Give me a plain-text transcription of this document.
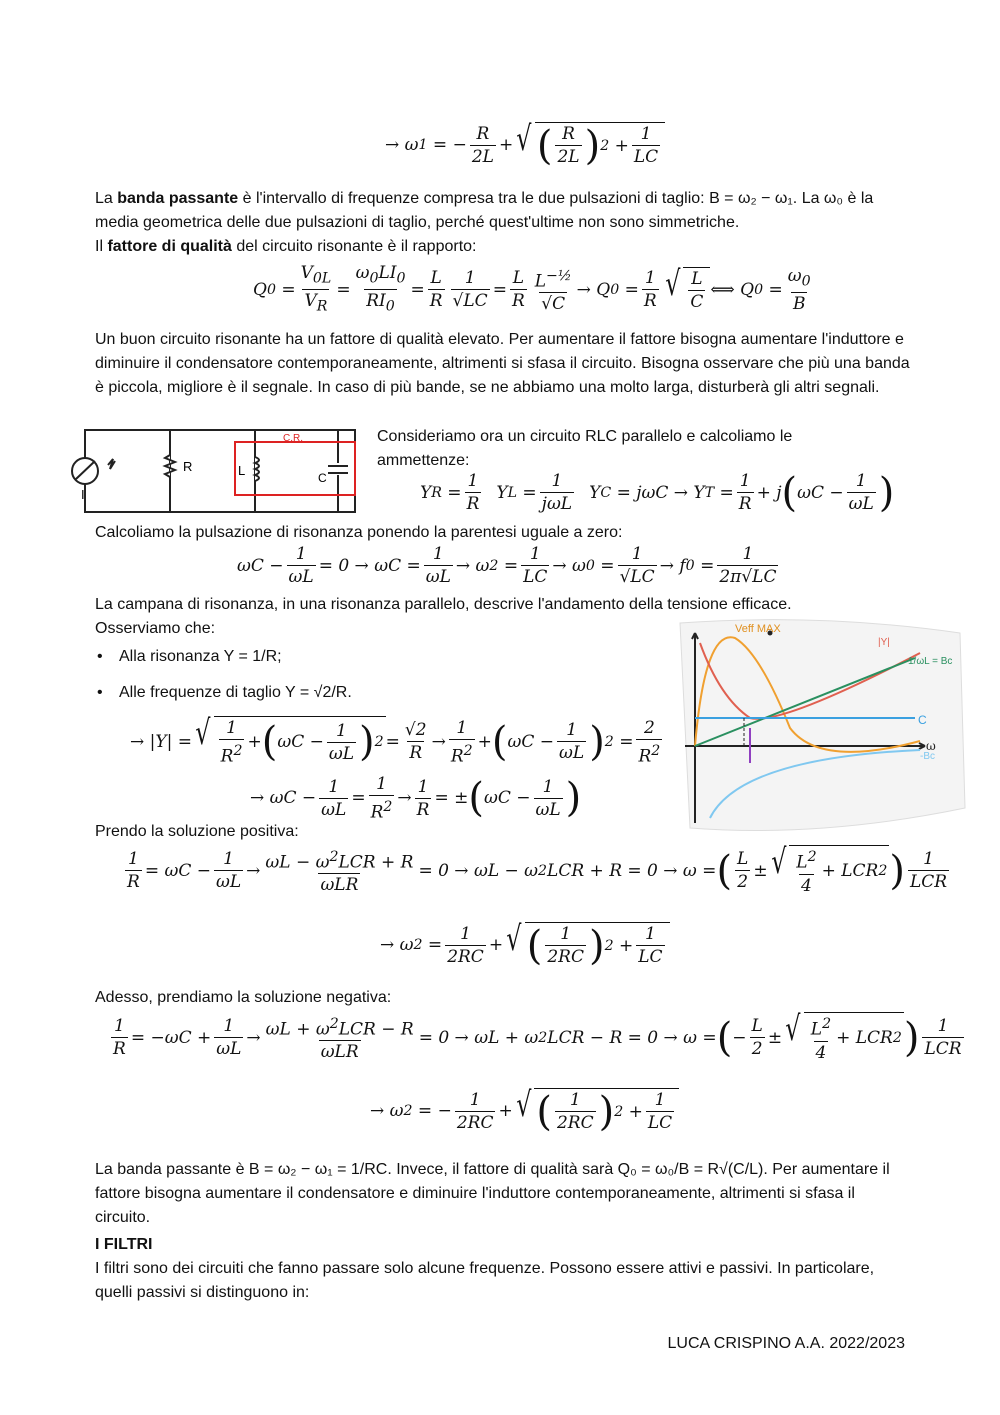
→ ω 1 = − $\frac{R}{2L}$ + √ ( $\frac{R}{2L}$ ) $2 + \frac{1}{LC}$
La banda passante è l'intervallo di frequenze compresa tra le due pulsazioni di taglio: B = ω₂ − ω₁. La ω₀ è la media geometrica delle due pulsazioni di taglio, perché quest'ultime non sono simmetriche.
Il fattore di qualità del circuito risonante è il rapporto:
Q $0 = \frac{V_{0L}}{V_R} = \frac{\omega_0LI_0}{RI_0} = \frac{L}{R} \frac{1}{√LC} = \frac{L}{R} \frac{L^{-\frac{1}{2}}}{√C} \to Q$ $0 = \frac{1}{R}$ √ $\frac{L}{C}$ ⟺ Q $0 = \frac{\omega_0}{B}$
Un buon circuito risonante ha un fattore di qualità elevato. Per aumentare il fattore bisogna aumentare l'induttore e diminuire il condensatore contemporaneamente, altrimenti si sfasa il circuito. Bisogna osservare che più una banda è piccola, migliore è il segnale. In caso di più bande, se ne abbiamo una molto larga, disturberà gli altri segnali.
C.R.
R	L	C
I
Consideriamo ora un circuito RLC parallelo e calcoliamo le ammettenze:
Y $R = \frac{1}{R}$ Y $L = \frac{1}{\text{jωL}}$ Y C = jωC → Y $T = \frac{1}{R} + j$ ( $\omega C - \frac{1}{\omega L}$ )
Calcoliamo la pulsazione di risonanza ponendo la parentesi uguale a zero:
$\omega C - \frac{1}{\omega L} = 0 \to \omega C = \frac{1}{\omega L} \to \omega$ $2 = \frac{1}{LC} \to \omega$ $0 = \frac{1}{√LC} \to f$ $0 = \frac{1}{2\pi√LC}$
La campana di risonanza, in una risonanza parallelo, descrive l'andamento della tensione efficace.
Osserviamo che:
• Alla risonanza Y = 1/R;
• Alle frequenze di taglio Y = √2/R.
→ |Y| = √ $\frac{1}{R^2}$ + ( $\omega C - \frac{1}{\omega L}$ ) $2 = \frac{√2}{R} \to \frac{1}{R^2}$ + ( $\omega C - \frac{1}{\omega L}$ ) $2 = \frac{2}{R^2}$
→ $\omega C - \frac{1}{\omega L} = \frac{1}{R^2} \to \frac{1}{R}$ = ± ( $\omega C - \frac{1}{\omega L}$ )
Veff MAX
|Y|
1/ωL = Bc
C
ω
-Bc
Prendo la soluzione positiva:
$\frac{1}{R} = \omega C - \frac{1}{\omega L} \to \frac{\omega L - \omega^2LCR + R}{\text{ωLR}} = 0 \to \omega L - \omega$ 2 LCR + R = 0 → ω = ( $\frac{L}{2}$ ± √ $\frac{L^2}{4}$ + LCR 2 ) $\frac{1}{\text{LCR}}$
→ ω $2 = \frac{1}{2RC}$ + √ ( $\frac{1}{2RC}$ ) $2 + \frac{1}{LC}$
Adesso, prendiamo la soluzione negativa:
$\frac{1}{R} = -\omega C + \frac{1}{\omega L} \to \frac{\omega L + \omega^2LCR - R}{\text{ωLR}} = 0 \to \omega L + \omega$ 2 LCR − R = 0 → ω = ( − $\frac{L}{2}$ ± √ $\frac{L^2}{4}$ + LCR 2 ) $\frac{1}{\text{LCR}}$
→ ω 2 = − $\frac{1}{2RC}$ + √ ( $\frac{1}{2RC}$ ) $2 + \frac{1}{LC}$
La banda passante è B = ω₂ − ω₁ = 1/RC. Invece, il fattore di qualità sarà Q₀ = ω₀/B = R√(C/L). Per aumentare il fattore bisogna aumentare il condensatore e diminuire l'induttore contemporaneamente, altrimenti si sfasa il circuito.
I FILTRI
I filtri sono dei circuiti che fanno passare solo alcune frequenze. Possono essere attivi e passivi. In particolare, quelli passivi si distinguono in:
LUCA CRISPINO A.A. 2022/2023
